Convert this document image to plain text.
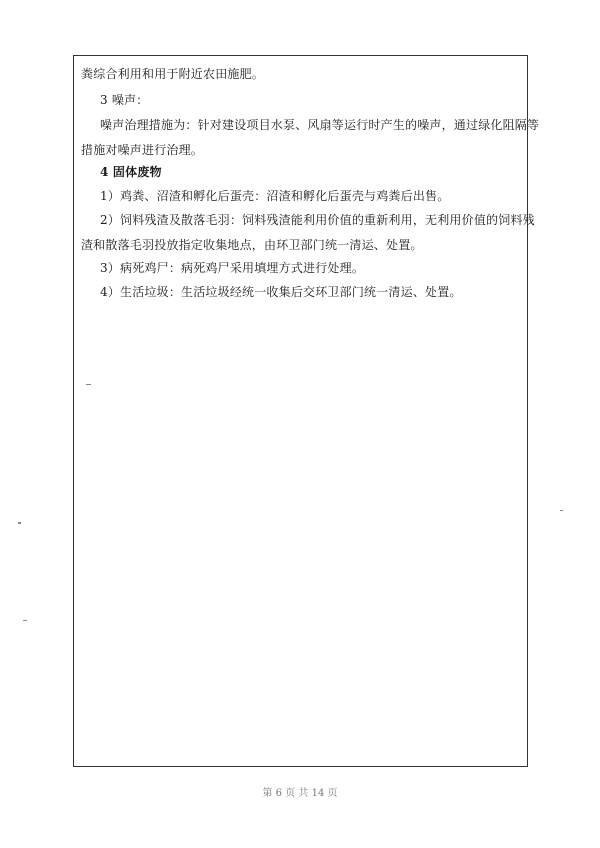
粪综合利用和用于附近农田施肥。
3 噪声：
噪声治理措施为：针对建设项目水泵、风扇等运行时产生的噪声，通过绿化阻隔等
措施对噪声进行治理。
4 固体废物
1）鸡粪、沼渣和孵化后蛋壳：沼渣和孵化后蛋壳与鸡粪后出售。
2）饲料残渣及散落毛羽：饲料残渣能利用价值的重新利用，无利用价值的饲料残
渣和散落毛羽投放指定收集地点，由环卫部门统一清运、处置。
3）病死鸡尸：病死鸡尸采用填埋方式进行处理。
4）生活垃圾：生活垃圾经统一收集后交环卫部门统一清运、处置。
第 6 页 共 14 页
